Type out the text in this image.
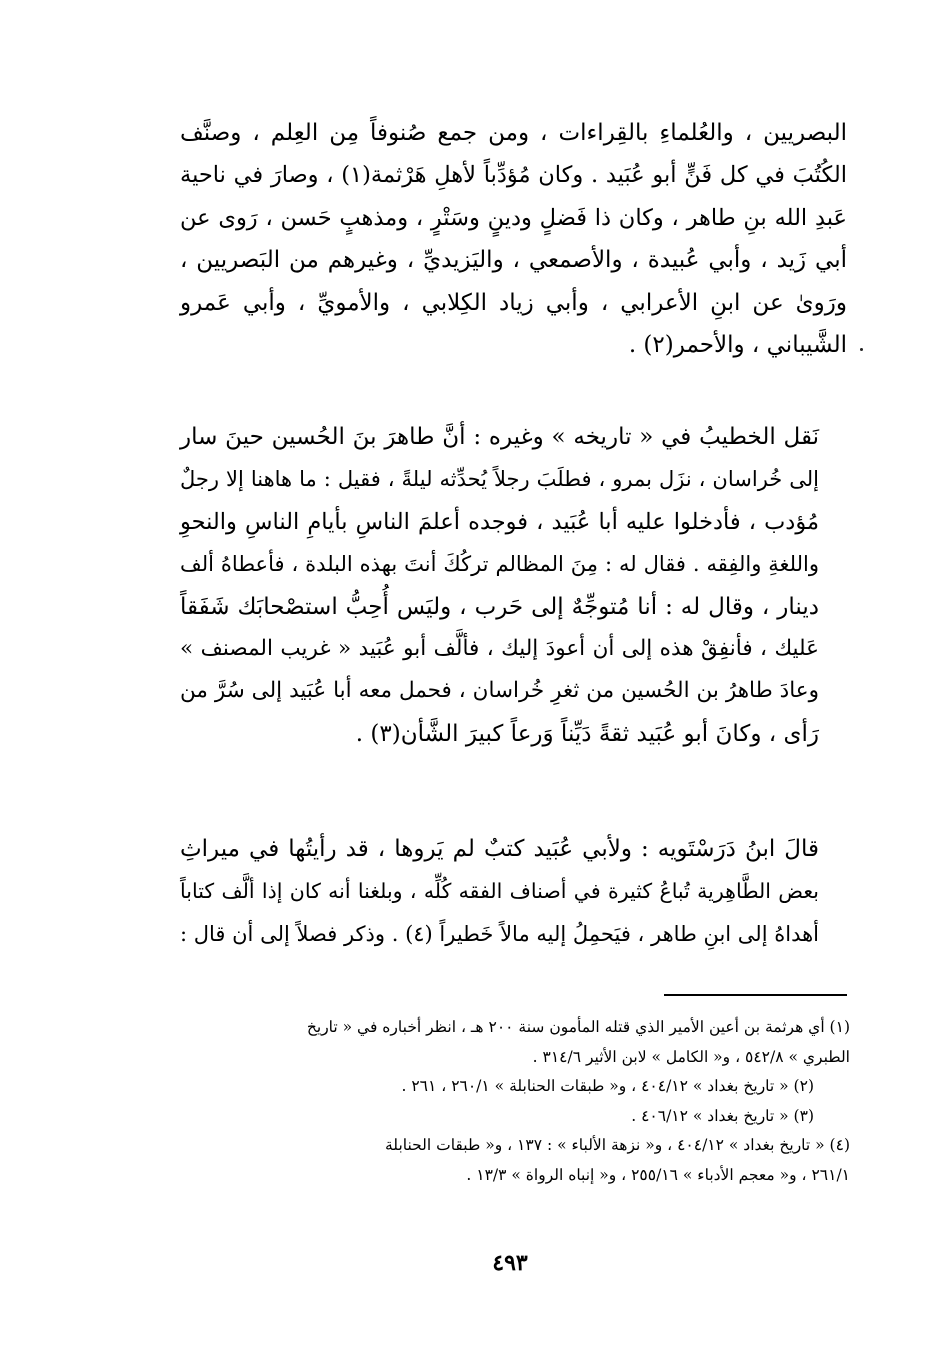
البصريين ، والعُلماءِ بالقِراءات ، ومن جمع صُنوفاً مِن العِلم ، وصنَّف
الكُتُبَ في كل فَنٍّ أبو عُبَيد . وكان مُؤدِّباً لأهلِ هَرْثمة(١) ، وصارَ في ناحية
عَبدِ الله بنِ طاهر ، وكان ذا فَضلٍ ودينٍ وسَتْرٍ ، ومذهبٍ حَسن ، رَوى عن
أبي زَيد ، وأبي عُبيدة ، والأصمعي ، واليَزيديِّ ، وغيرهم من البَصريين ،
ورَوىٰ عن ابنِ الأعرابي ، وأبي زياد الكِلابي ، والأمويِّ ، وأبي عَمرو
الشَّيباني ، والأحمر(٢) .

نَقل الخطيبُ في « تاريخه » وغيره : أنَّ طاهرَ بنَ الحُسين حينَ سار
إلى خُراسان ، نزَل بمرو ، فطلَبَ رجلاً يُحدِّثه ليلةً ، فقيل : ما هاهنا إلا رجلٌ
مُؤدب ، فأدخلوا عليه أبا عُبَيد ، فوجده أعلمَ الناسِ بأيامِ الناسِ والنحوِ
واللغةِ والفِقه . فقال له : مِنَ المظالم تركُكَ أنتَ بهذه البلدة ، فأعطاهُ ألف
دينار ، وقال له : أنا مُتوجِّهٌ إلى حَرب ، وليَس أُحِبُّ استصْحابَك شَفَقاً
عَليك ، فأنفِقْ هذه إلى أن أعودَ إليك ، فألَّف أبو عُبَيد « غريب المصنف »
وعادَ طاهرُ بن الحُسين من ثغرِ خُراسان ، فحمل معه أبا عُبَيد إلى سُرَّ من
رَأى ، وكانَ أبو عُبَيد ثقةً دَيِّناً وَرعاً كبيرَ الشَّأن(٣) .

قالَ ابنُ دَرَسْتَويه : ولأبي عُبَيد كتبٌ لم يَروها ، قد رأيتُها في ميراثِ
بعض الطَّاهِرية تُباعُ كثيرة في أصناف الفقه كُلِّه ، وبلغنا أنه كان إذا ألَّف كتاباً
أهداهُ إلى ابنِ طاهر ، فيَحمِلُ إليه مالاً خَطيراً (٤) . وذكر فصلاً إلى أن قال :

(١) أي هرثمة بن أعين الأمير الذي قتله المأمون سنة ٢٠٠ هـ ، انظر أخباره في « تاريخ
الطبري » ٥٤٢/٨ ، و« الكامل » لابن الأثير ٣١٤/٦ .
(٢) « تاريخ بغداد » ٤٠٤/١٢ ، و« طبقات الحنابلة » ٢٦٠/١ ، ٢٦١ .
(٣) « تاريخ بغداد » ٤٠٦/١٢ .
(٤) « تاريخ بغداد » ٤٠٤/١٢ ، و« نزهة الألباء » : ١٣٧ ، و« طبقات الحنابلة
٢٦١/١ ، و« معجم الأدباء » ٢٥٥/١٦ ، و« إنباه الرواة » ١٣/٣ .
٤٩٣
